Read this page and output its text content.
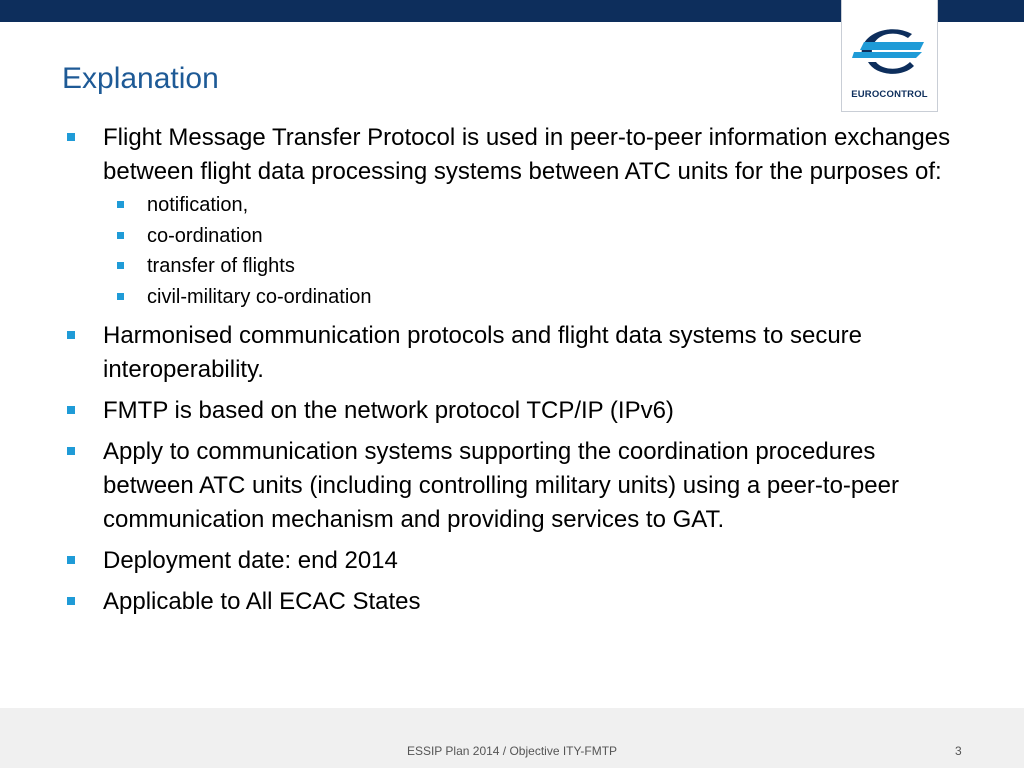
EUROCONTROL
Explanation
Flight Message Transfer Protocol is used in peer-to-peer information exchanges between flight data processing systems between ATC units for the purposes of:
notification,
co-ordination
transfer of flights
civil-military co-ordination
Harmonised communication protocols and flight data systems to secure interoperability.
FMTP is based on the network protocol TCP/IP (IPv6)
Apply to communication systems supporting the coordination procedures between ATC units (including controlling military units) using a peer-to-peer communication mechanism and providing services to GAT.
Deployment date: end 2014
Applicable to All ECAC States
ESSIP Plan 2014 / Objective ITY-FMTP	3
